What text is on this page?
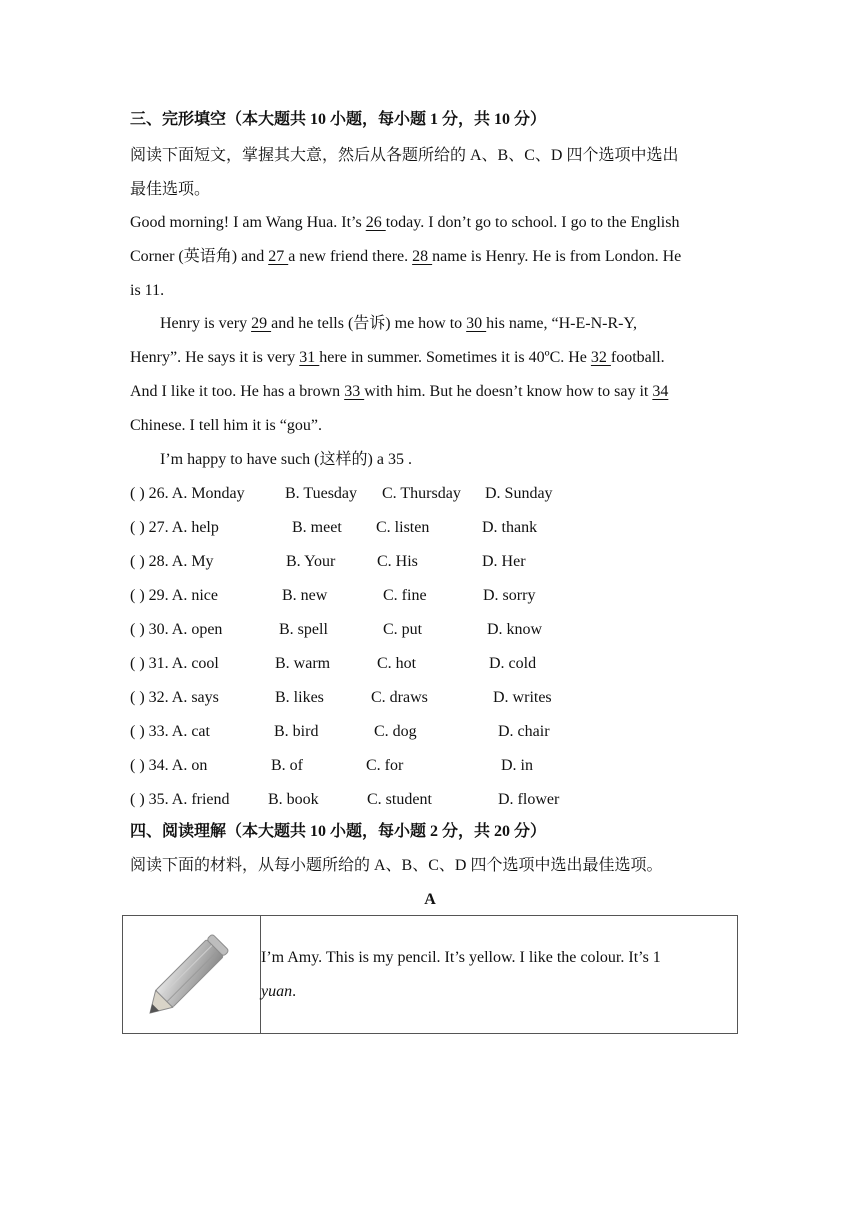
三、完形填空（本大题共 10 小题，每小题 1 分，共 10 分）
阅读下面短文，掌握其大意，然后从各题所给的 A、B、C、D 四个选项中选出
最佳选项。
Good morning! I am Wang Hua. It’s 26 today. I don’t go to school. I go to the English
Corner (英语角) and 27 a new friend there. 28 name is Henry. He is from London. He
is 11.
Henry is very 29 and he tells (告诉) me how to 30 his name, “H-E-N-R-Y,
Henry”. He says it is very 31 here in summer. Sometimes it is 40ºC. He 32 football.
And I like it too. He has a brown 33 with him. But he doesn’t know how to say it 34
Chinese. I tell him it is “gou”.
I’m happy to have such (这样的) a 35 .
( ) 26. A. Monday	B. Tuesday C. Thursday D. Sunday
( ) 27. A. help	B. meet C. listen	D. thank
( ) 28. A. My	B. Your	C. His	D. Her
( ) 29. A. nice	B. new	C. fine	D. sorry
( ) 30. A. open	B. spell	C. put	D. know
( ) 31. A. cool	B. warm	C. hot	D. cold
( ) 32. A. says	B. likes	C. draws	D. writes
( ) 33. A. cat	B. bird	C. dog	D. chair
( ) 34. A. on	B. of	C. for	D. in
( ) 35. A. friend B. book	C. student	D. flower
四、阅读理解（本大题共 10 小题，每小题 2 分，共 20 分）
阅读下面的材料，从每小题所给的 A、B、C、D 四个选项中选出最佳选项。
A
	I’m Amy. This is my pencil. It’s yellow. I like the colour. It’s 1
yuan.
